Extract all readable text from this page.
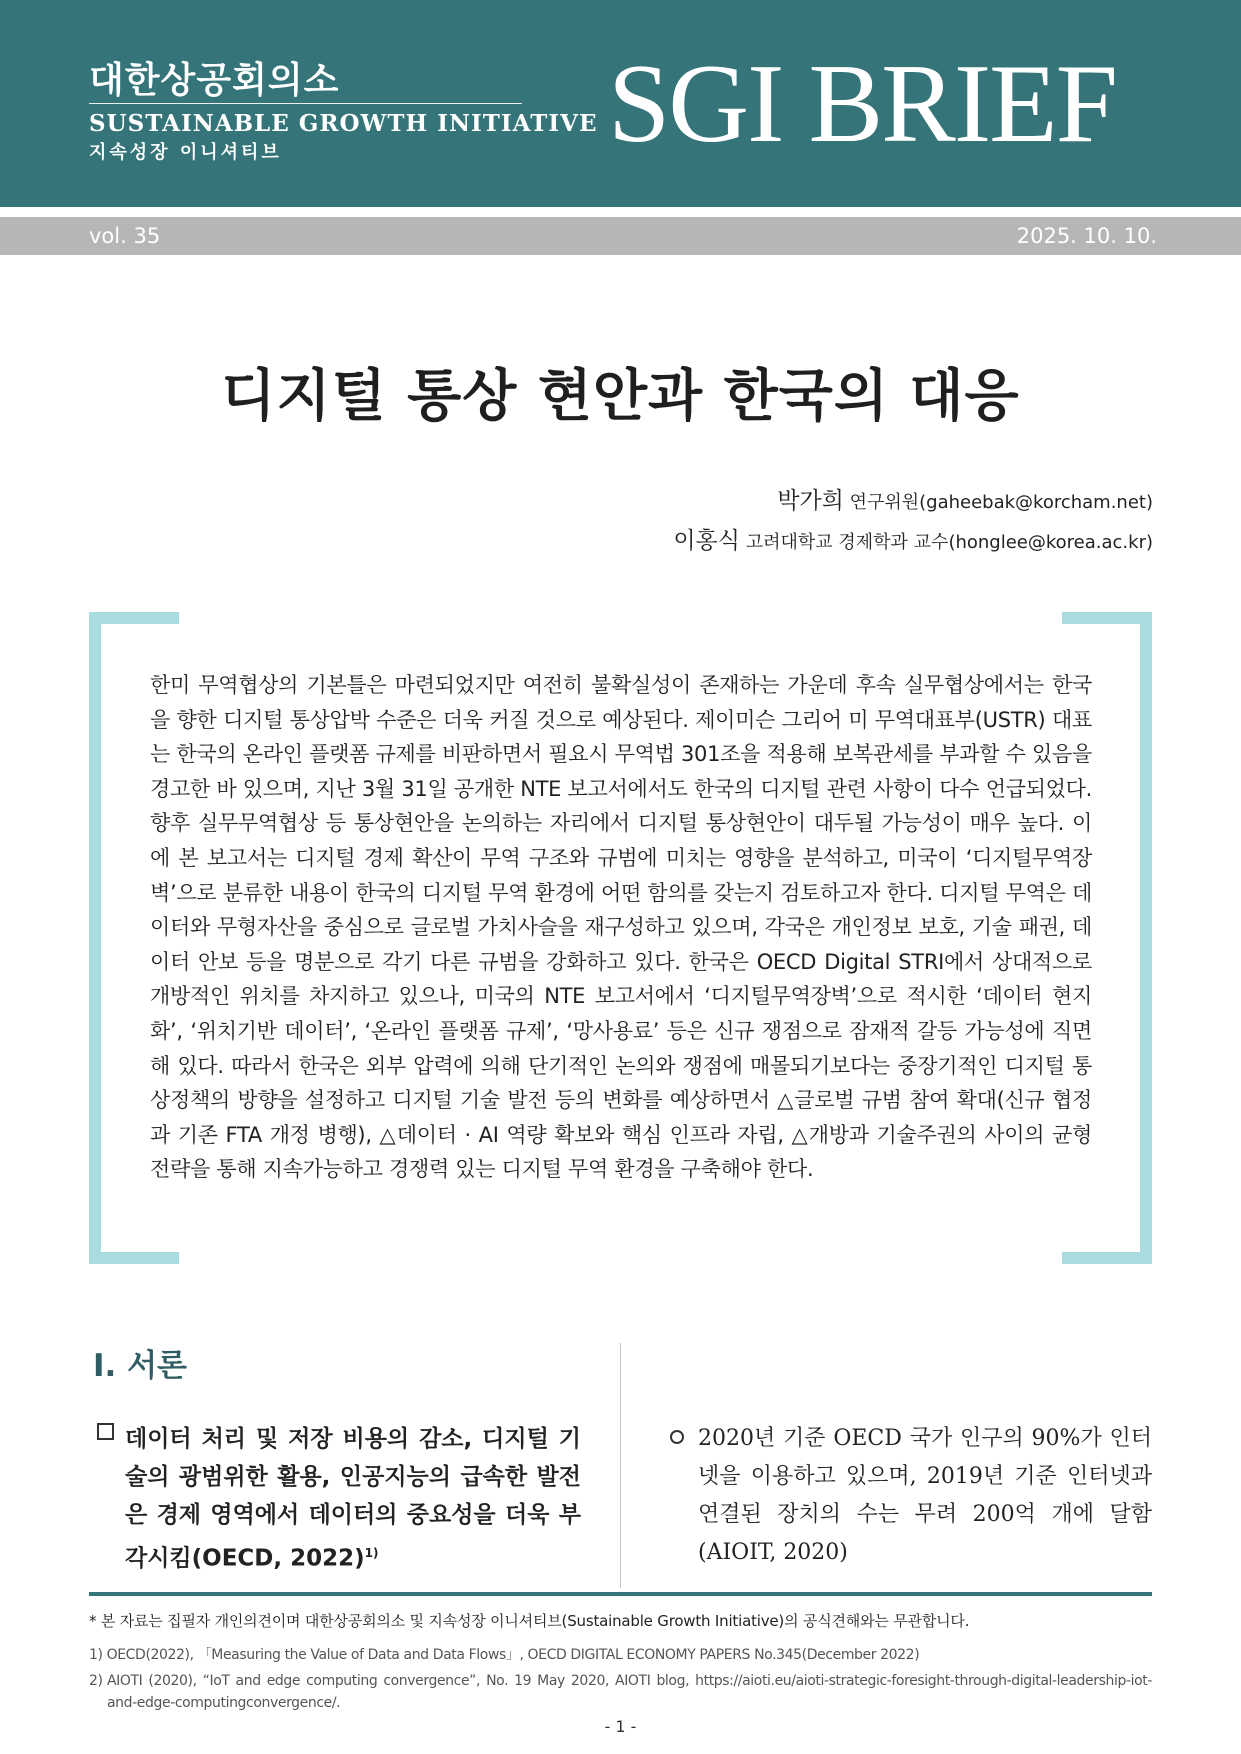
대한상공회의소
SUSTAINABLE GROWTH INITIATIVE
지속성장 이니셔티브	SGI BRIEF
vol. 35	2025. 10. 10.
디지털 통상 현안과 한국의 대응
박가희 연구위원(gaheebak@korcham.net)
이홍식 고려대학교 경제학과 교수(honglee@korea.ac.kr)
한미 무역협상의 기본틀은 마련되었지만 여전히 불확실성이 존재하는 가운데 후속 실무협상에서는 한국을 향한 디지털 통상압박 수준은 더욱 커질 것으로 예상된다. 제이미슨 그리어 미 무역대표부(USTR) 대표는 한국의 온라인 플랫폼 규제를 비판하면서 필요시 무역법 301조을 적용해 보복관세를 부과할 수 있음을 경고한 바 있으며, 지난 3월 31일 공개한 NTE 보고서에서도 한국의 디지털 관련 사항이 다수 언급되었다. 향후 실무무역협상 등 통상현안을 논의하는 자리에서 디지털 통상현안이 대두될 가능성이 매우 높다. 이에 본 보고서는 디지털 경제 확산이 무역 구조와 규범에 미치는 영향을 분석하고, 미국이 ‘디지털무역장벽’으로 분류한 내용이 한국의 디지털 무역 환경에 어떤 함의를 갖는지 검토하고자 한다. 디지털 무역은 데이터와 무형자산을 중심으로 글로벌 가치사슬을 재구성하고 있으며, 각국은 개인정보 보호, 기술 패권, 데이터 안보 등을 명분으로 각기 다른 규범을 강화하고 있다. 한국은 OECD Digital STRI에서 상대적으로 개방적인 위치를 차지하고 있으나, 미국의 NTE 보고서에서 ‘디지털무역장벽’으로 적시한 ‘데이터 현지화’, ‘위치기반 데이터’, ‘온라인 플랫폼 규제’, ‘망사용료’ 등은 신규 쟁점으로 잠재적 갈등 가능성에 직면해 있다. 따라서 한국은 외부 압력에 의해 단기적인 논의와 쟁점에 매몰되기보다는 중장기적인 디지털 통상정책의 방향을 설정하고 디지털 기술 발전 등의 변화를 예상하면서 △글로벌 규범 참여 확대(신규 협정과 기존 FTA 개정 병행), △데이터 · AI 역량 확보와 핵심 인프라 자립, △개방과 기술주권의 사이의 균형 전략을 통해 지속가능하고 경쟁력 있는 디지털 무역 환경을 구축해야 한다.
Ⅰ. 서론
데이터 처리 및 저장 비용의 감소, 디지털 기술의 광범위한 활용, 인공지능의 급속한 발전은 경제 영역에서 데이터의 중요성을 더욱 부각시킴(OECD, 2022)$^{1)}$
2020년 기준 OECD 국가 인구의 90%가 인터넷을 이용하고 있으며, 2019년 기준 인터넷과 연결된 장치의 수는 무려 200억 개에 달함(AIOIT, 2020)
* 본 자료는 집필자 개인의견이며 대한상공회의소 및 지속성장 이니셔티브(Sustainable Growth Initiative)의 공식견해와는 무관합니다.
1) OECD(2022), 「Measuring the Value of Data and Data Flows」, OECD DIGITAL ECONOMY PAPERS No.345(December 2022)
2) AIOTI (2020), “IoT and edge computing convergence”, No. 19 May 2020, AIOTI blog, https://aioti.eu/aioti-strategic-foresight-through-digital-leadership-iot-and-edge-computingconvergence/.
- 1 -
